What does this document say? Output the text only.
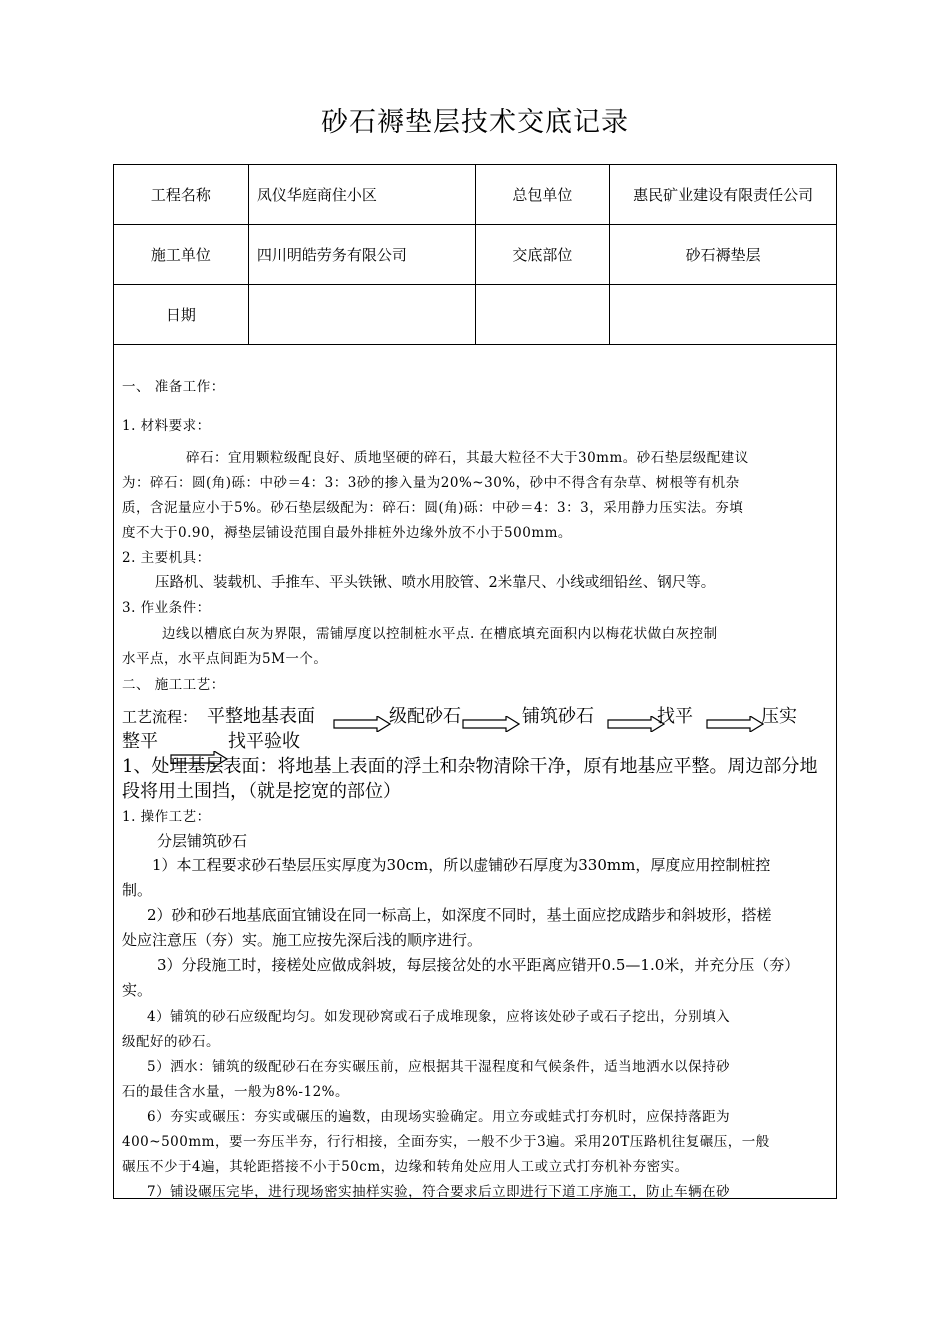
砂石褥垫层技术交底记录
工程名称	凤仪华庭商住小区	总包单位	惠民矿业建设有限责任公司
施工单位	四川明皓劳务有限公司	交底部位	砂石褥垫层
日期			
一、 准备工作：
1. 材料要求：
碎石：宜用颗粒级配良好、质地坚硬的碎石，其最大粒径不大于30mm。砂石垫层级配建议
为：碎石：圆(角)砾：中砂＝4：3：3砂的掺入量为20%~30%，砂中不得含有杂草、树根等有机杂
质，含泥量应小于5%。砂石垫层级配为：碎石：圆(角)砾：中砂＝4：3：3，采用静力压实法。夯填
度不大于0.90，褥垫层铺设范围自最外排桩外边缘外放不小于500mm。
2. 主要机具：
压路机、装载机、手推车、平头铁锹、喷水用胶管、2米靠尺、小线或细铅丝、钢尺等。
3. 作业条件：
边线以槽底白灰为界限，需铺厚度以控制桩水平点. 在槽底填充面积内以梅花状做白灰控制
水平点，水平点间距为5M一个。
二、 施工工艺：
工艺流程： 平整地基表面	级配砂石	铺筑砂石	找平	压实
整平	找平验收
1、处理基层表面：将地基上表面的浮土和杂物清除干净，原有地基应平整。周边部分地
段将用土围挡，（就是挖宽的部位）
1. 操作工艺：
分层铺筑砂石
1）本工程要求砂石垫层压实厚度为30cm，所以虚铺砂石厚度为330mm，厚度应用控制桩控
制。
2）砂和砂石地基底面宜铺设在同一标高上，如深度不同时，基土面应挖成踏步和斜坡形，搭槎
处应注意压（夯）实。施工应按先深后浅的顺序进行。
3）分段施工时，接槎处应做成斜坡，每层接岔处的水平距离应错开0.5—1.0米，并充分压（夯）
实。
4）铺筑的砂石应级配均匀。如发现砂窝或石子成堆现象，应将该处砂子或石子挖出，分别填入
级配好的砂石。
5）洒水：铺筑的级配砂石在夯实碾压前，应根据其干湿程度和气候条件，适当地洒水以保持砂
石的最佳含水量，一般为8%-12%。
6）夯实或碾压：夯实或碾压的遍数，由现场实验确定。用立夯或蛙式打夯机时，应保持落距为
400~500mm，要一夯压半夯，行行相接，全面夯实，一般不少于3遍。采用20T压路机往复碾压，一般
碾压不少于4遍，其轮距搭接不小于50cm，边缘和转角处应用人工或立式打夯机补夯密实。
7）铺设碾压完毕，进行现场密实抽样实验，符合要求后立即进行下道工序施工，防止车辆在砂
